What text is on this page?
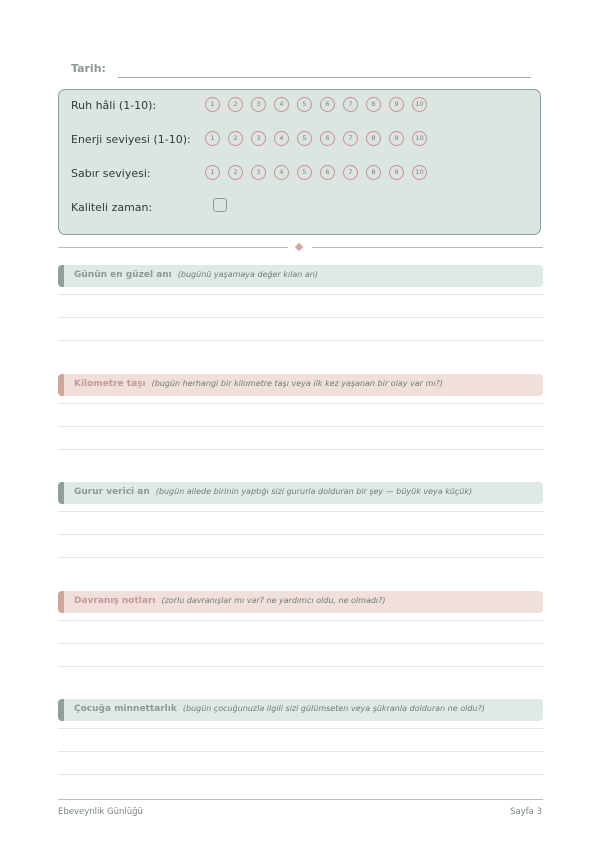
Tarih:
Ruh hâli (1-10):	1	2	3	4	5	6	7	8	9	10
Enerji seviyesi (1-10):	1	2	3	4	5	6	7	8	9	10
Sabır seviyesi:	1	2	3	4	5	6	7	8	9	10
Kaliteli zaman:
Günün en güzel anı (bugünü yaşamaya değer kılan an)
Kilometre taşı (bugün herhangi bir kilometre taşı veya ilk kez yaşanan bir olay var mı?)
Gurur verici an (bugün ailede birinin yaptığı sizi gururla dolduran bir şey — büyük veya küçük)
Davranış notları (zorlu davranışlar mı var? ne yardımcı oldu, ne olmadı?)
Çocuğa minnettarlık (bugün çocuğunuzla ilgili sizi gülümseten veya şükranla dolduran ne oldu?)
Ebeveynlik Günlüğü	Sayfa 3
